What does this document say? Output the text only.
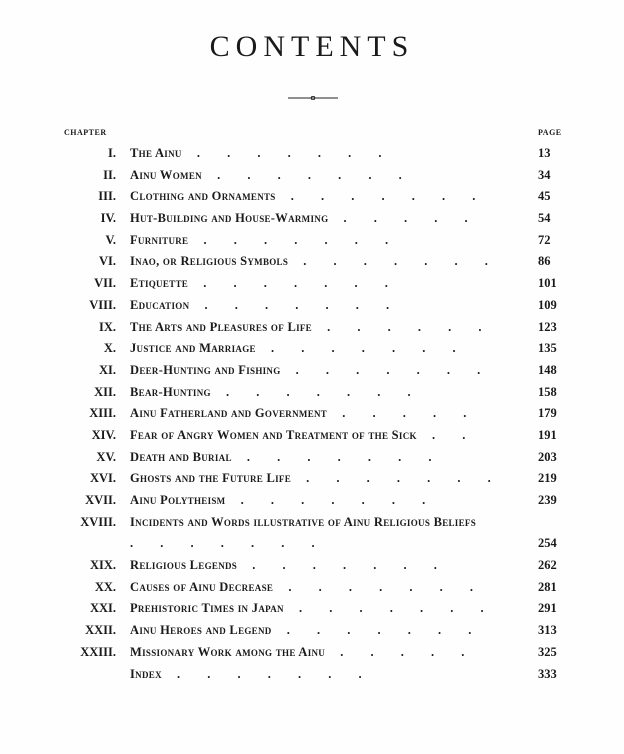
CONTENTS
CHAPTER	PAGE
I. The Ainu . . . . . . .	13
II. Ainu Women . . . . . . .	34
III. Clothing and Ornaments . . . . . . .	45
IV. Hut-Building and House-Warming . . . . .	54
V. Furniture . . . . . . .	72
VI. Inao, or Religious Symbols . . . . . . .	86
VII. Etiquette . . . . . . .	101
VIII. Education . . . . . . .	109
IX. The Arts and Pleasures of Life . . . . . .	123
X. Justice and Marriage . . . . . . .	135
XI. Deer-Hunting and Fishing . . . . . . .	148
XII. Bear-Hunting . . . . . . .	158
XIII. Ainu Fatherland and Government . . . . .	179
XIV. Fear of Angry Women and Treatment of the Sick . .	191
XV. Death and Burial . . . . . . .	203
XVI. Ghosts and the Future Life . . . . . . .	219
XVII. Ainu Polytheism . . . . . . .	239
XVIII. Incidents and Words illustrative of Ainu Religious Beliefs . . . . . . .	254
XIX. Religious Legends . . . . . . .	262
XX. Causes of Ainu Decrease . . . . . . .	281
XXI. Prehistoric Times in Japan . . . . . . .	291
XXII. Ainu Heroes and Legend . . . . . . .	313
XXIII. Missionary Work among the Ainu . . . . .	325
Index . . . . . . .	333
